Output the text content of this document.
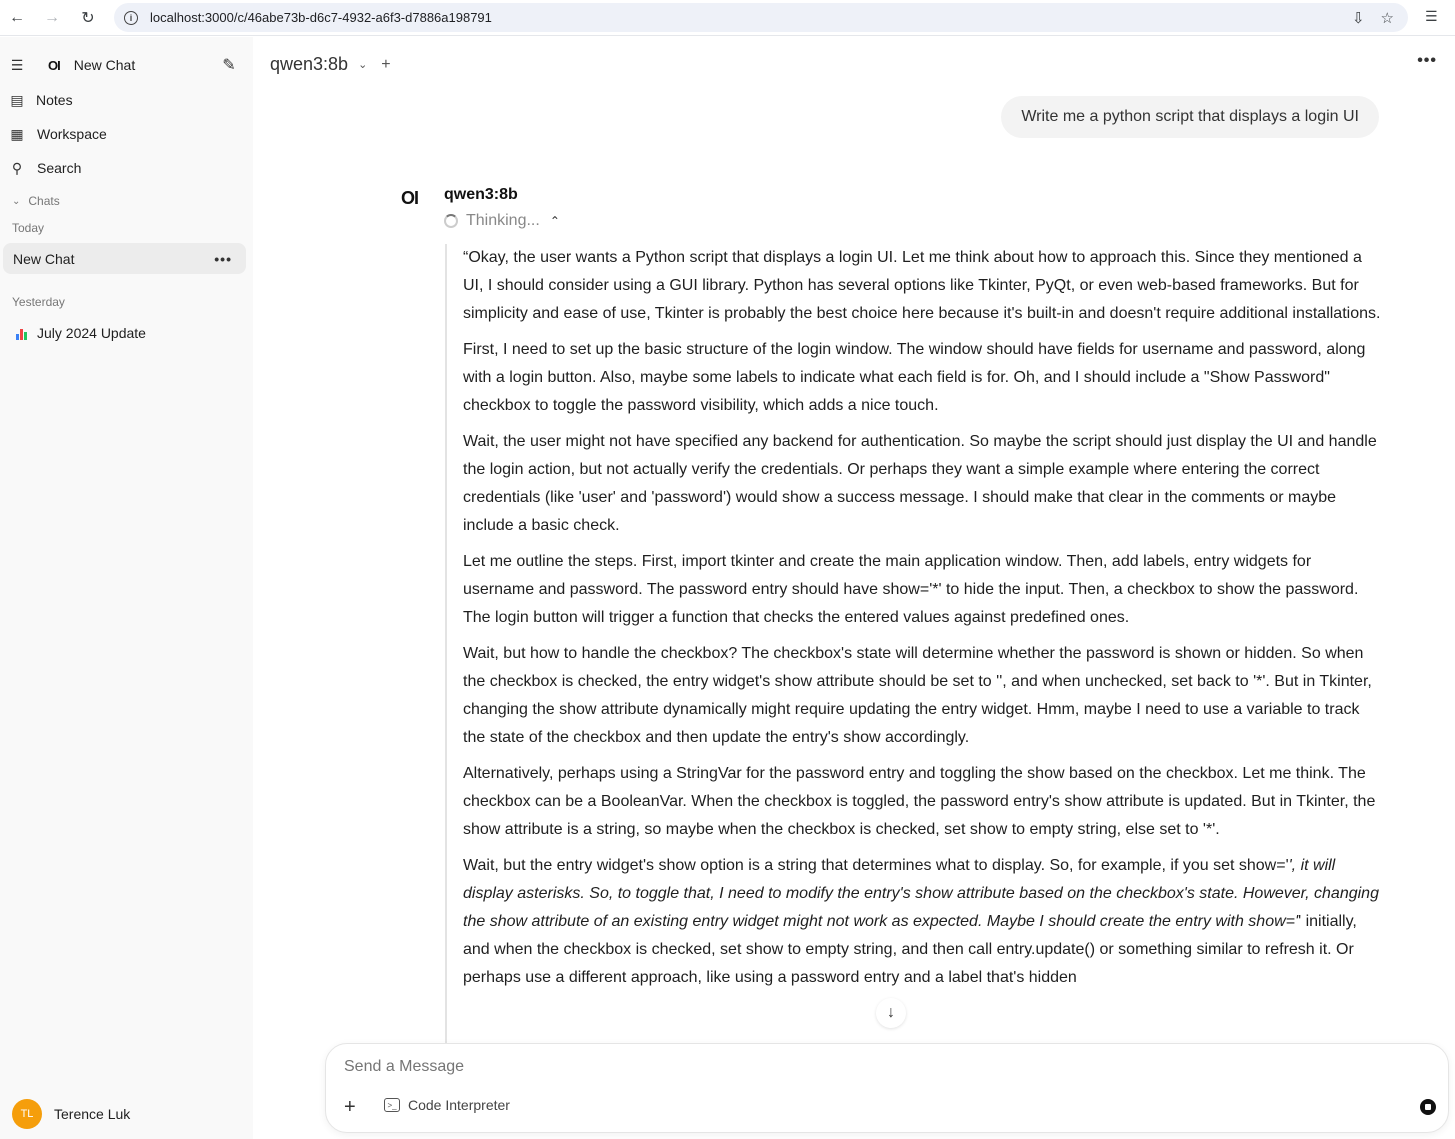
←	→	↻	i	localhost:3000/c/46abe73b-d6c7-4932-a6f3-d7886a198791	⇩ ☆ ☰
☰ OI New Chat	✎
▤ Notes
▦ Workspace
⚲ Search
⌄ Chats
Today
New Chat	•••
Yesterday
July 2024 Update
TL	Terence Luk
qwen3:8b ⌄ +	•••
Write me a python script that displays a login UI
OI qwen3:8b
Thinking... ⌃

“Okay, the user wants a Python script that displays a login UI. Let me think about how to approach this. Since they mentioned a UI, I should consider using a GUI library. Python has several options like Tkinter, PyQt, or even web-based frameworks. But for simplicity and ease of use, Tkinter is probably the best choice here because it's built-in and doesn't require additional installations.

First, I need to set up the basic structure of the login window. The window should have fields for username and password, along with a login button. Also, maybe some labels to indicate what each field is for. Oh, and I should include a "Show Password" checkbox to toggle the password visibility, which adds a nice touch.

Wait, the user might not have specified any backend for authentication. So maybe the script should just display the UI and handle the login action, but not actually verify the credentials. Or perhaps they want a simple example where entering the correct credentials (like 'user' and 'password') would show a success message. I should make that clear in the comments or maybe include a basic check.

Let me outline the steps. First, import tkinter and create the main application window. Then, add labels, entry widgets for username and password. The password entry should have show='*' to hide the input. Then, a checkbox to show the password. The login button will trigger a function that checks the entered values against predefined ones.

Wait, but how to handle the checkbox? The checkbox's state will determine whether the password is shown or hidden. So when the checkbox is checked, the entry widget's show attribute should be set to '', and when unchecked, set back to '*'. But in Tkinter, changing the show attribute dynamically might require updating the entry widget. Hmm, maybe I need to use a variable to track the state of the checkbox and then update the entry's show accordingly.

Alternatively, perhaps using a StringVar for the password entry and toggling the show based on the checkbox. Let me think. The checkbox can be a BooleanVar. When the checkbox is toggled, the password entry's show attribute is updated. But in Tkinter, the show attribute is a string, so maybe when the checkbox is checked, set show to empty string, else set to '*'.

Wait, but the entry widget's show option is a string that determines what to display. So, for example, if you set show='', it will display asterisks. So, to toggle that, I need to modify the entry's show attribute based on the checkbox's state. However, changing the show attribute of an existing entry widget might not work as expected. Maybe I should create the entry with show='' initially, and when the checkbox is checked, set show to empty string, and then call entry.update() or something similar to refresh it. Or perhaps use a different approach, like using a password entry and a label that's hidden

↓
Send a Message
+	>_ Code Interpreter
